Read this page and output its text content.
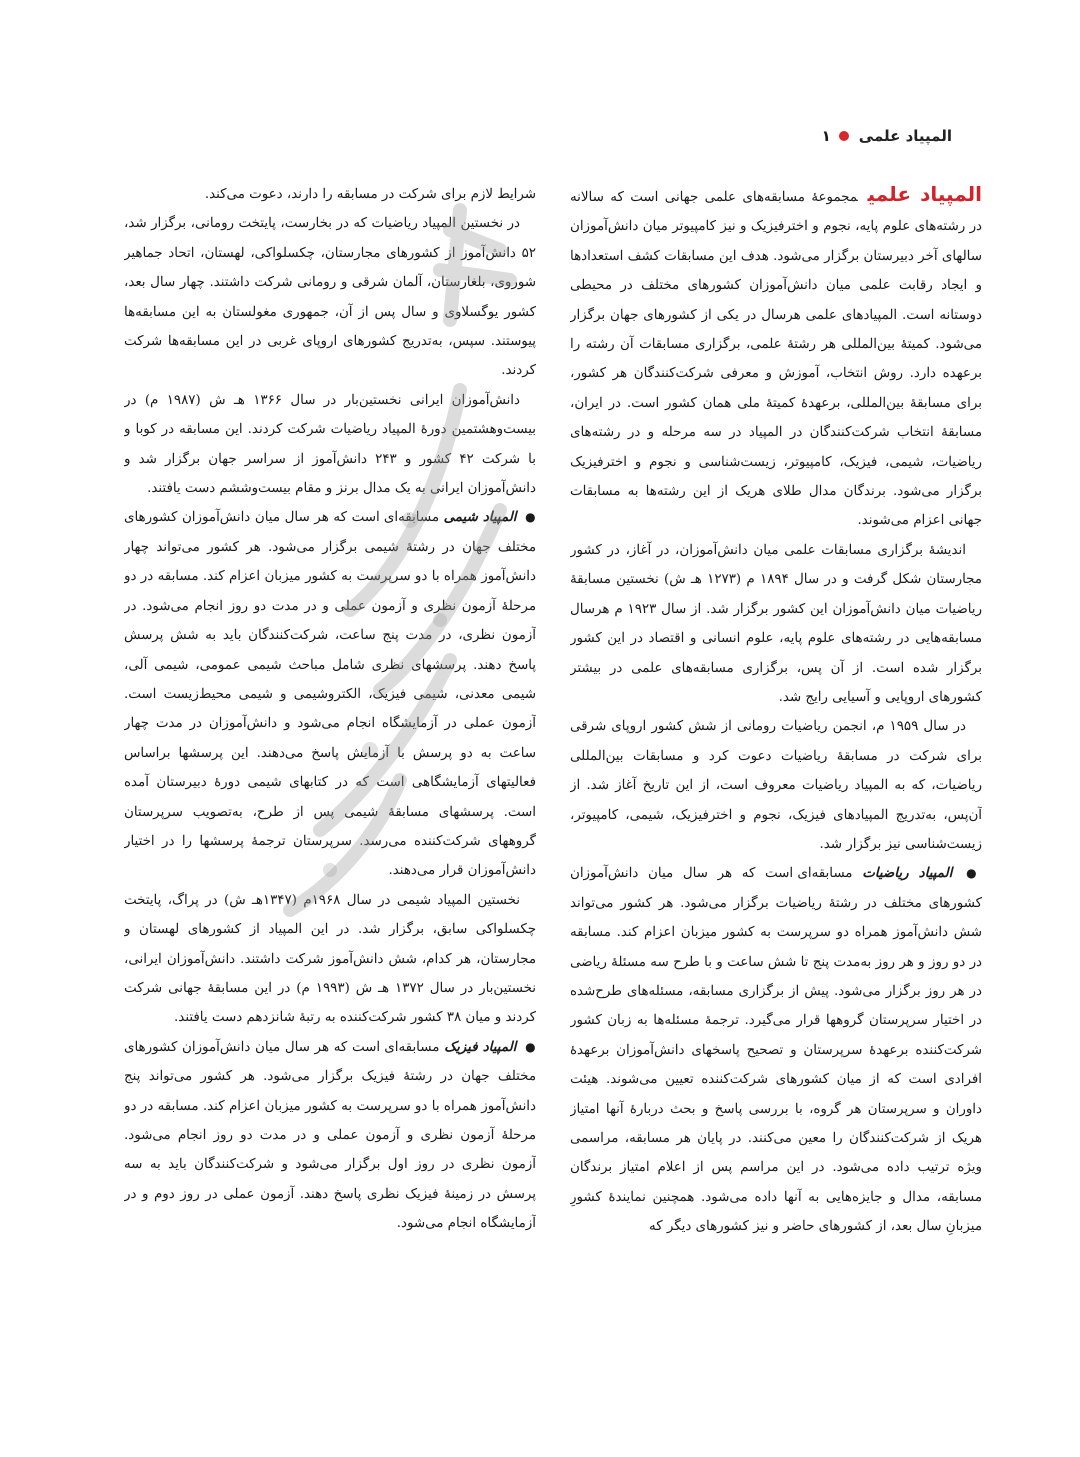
المپیاد علمی
۱

المپیاد علمیمجموعهٔ مسابقه‌های علمی جهانی است که سالانه در رشته‌های علوم پایه، نجوم و اخترفیزیک و نیز کامپیوتر میان دانش‌آموزان سالهای آخر دبیرستان برگزار می‌شود. هدف این مسابقات کشف استعدادها و ایجاد رقابت علمی میان دانش‌آموزان کشورهای مختلف در محیطی دوستانه است. المپیادهای علمی هرسال در یکی از کشورهای جهان برگزار می‌شود. کمیتهٔ بین‌المللی هر رشتهٔ علمی، برگزاری مسابقات آن رشته را برعهده دارد. روش انتخاب، آموزش و معرفی شرکت‌کنندگان هر کشور، برای مسابقهٔ بین‌المللی، برعهدهٔ کمیتهٔ ملی همان کشور است. در ایران، مسابقهٔ انتخاب شرکت‌کنندگان در المپیاد در سه مرحله و در رشته‌های ریاضیات، شیمی، فیزیک، کامپیوتر، زیست‌شناسی و نجوم و اخترفیزیک برگزار می‌شود. برندگان مدال طلای هریک از این رشته‌ها به مسابقات جهانی اعزام می‌شوند.

اندیشهٔ برگزاری مسابقات علمی میان دانش‌آموزان، در آغاز، در کشور مجارستان شکل گرفت و در سال ۱۸۹۴ م (۱۲۷۳ هـ ش) نخستین مسابقهٔ ریاضیات میان دانش‌آموزان این کشور برگزار شد. از سال ۱۹۲۳ م هرسال مسابقه‌هایی در رشته‌های علوم پایه، علوم انسانی و اقتصاد در این کشور برگزار شده است. از آن پس، برگزاری مسابقه‌های علمی در بیشتر کشورهای اروپایی و آسیایی رایج شد.

در سال ۱۹۵۹ م، انجمن ریاضیات رومانی از شش کشور اروپای شرقی برای شرکت در مسابقهٔ ریاضیات دعوت کرد و مسابقات بین‌المللی ریاضیات، که به المپیاد ریاضیات معروف است، از این تاریخ آغاز شد. از آن‌پس، به‌تدریج المپیادهای فیزیک، نجوم و اخترفیزیک، شیمی، کامپیوتر، زیست‌شناسی نیز برگزار شد.

● المپیاد ریاضیات مسابقه‌ای است که هر سال میان دانش‌آموزان کشورهای مختلف در رشتهٔ ریاضیات برگزار می‌شود. هر کشور می‌تواند شش دانش‌آموز همراه دو سرپرست به کشور میزبان اعزام کند. مسابقه در دو روز و هر روز به‌مدت پنج تا شش ساعت و با طرح سه مسئلهٔ ریاضی در هر روز برگزار می‌شود. پیش از برگزاری مسابقه، مسئله‌های طرح‌شده در اختیار سرپرستان گروهها قرار می‌گیرد. ترجمهٔ مسئله‌ها به زبان کشور شرکت‌کننده برعهدهٔ سرپرستان و تصحیح پاسخهای دانش‌آموزان برعهدهٔ افرادی است که از میان کشورهای شرکت‌کننده تعیین می‌شوند. هیئت داوران و سرپرستان هر گروه، با بررسی پاسخ و بحث دربارهٔ آنها امتیاز هریک از شرکت‌کنندگان را معین می‌کنند. در پایان هر مسابقه، مراسمی ویژه ترتیب داده می‌شود. در این مراسم پس از اعلام امتیاز برندگان مسابقه، مدال و جایزه‌هایی به آنها داده می‌شود. همچنین نمایندهٔ کشورِ میزبانِ سال بعد، از کشورهای حاضر و نیز کشورهای دیگر که

شرایط لازم برای شرکت در مسابقه را دارند، دعوت می‌کند.

در نخستین المپیاد ریاضیات که در بخارست، پایتخت رومانی، برگزار شد، ۵۲ دانش‌آموز از کشورهای مجارستان، چکسلواکی، لهستان، اتحاد جماهیر شوروی، بلغارستان، آلمان شرقی و رومانی شرکت داشتند. چهار سال بعد، کشور یوگسلاوی و سال پس از آن، جمهوری مغولستان به این مسابقه‌ها پیوستند. سپس، به‌تدریج کشورهای اروپای غربی در این مسابقه‌ها شرکت کردند.

دانش‌آموزان ایرانی نخستین‌بار در سال ۱۳۶۶ هـ ش (۱۹۸۷ م) در بیست‌وهشتمین دورهٔ المپیاد ریاضیات شرکت کردند. این مسابقه در کوبا و با شرکت ۴۲ کشور و ۲۴۳ دانش‌آموز از سراسر جهان برگزار شد و دانش‌آموزان ایرانی به یک مدال برنز و مقام بیست‌وششم دست یافتند.

● المپیاد شیمی مسابقه‌ای است که هر سال میان دانش‌آموزان کشورهای مختلف جهان در رشتهٔ شیمی برگزار می‌شود. هر کشور می‌تواند چهار دانش‌آموز همراه با دو سرپرست به کشور میزبان اعزام کند. مسابقه در دو مرحلهٔ آزمون نظری و آزمون عملی و در مدت دو روز انجام می‌شود. در آزمون نظری، در مدت پنج ساعت، شرکت‌کنندگان باید به شش پرسش پاسخ دهند. پرسشهای نظری شامل مباحث شیمی عمومی، شیمی آلی، شیمی معدنی، شیمی فیزیک، الکتروشیمی و شیمی محیط‌زیست است. آزمون عملی در آزمایشگاه انجام می‌شود و دانش‌آموزان در مدت چهار ساعت به دو پرسش با آزمایش پاسخ می‌دهند. این پرسشها براساس فعالیتهای آزمایشگاهی است که در کتابهای شیمی دورهٔ دبیرستان آمده است. پرسشهای مسابقهٔ شیمی پس از طرح، به‌تصویب سرپرستان گروههای شرکت‌کننده می‌رسد. سرپرستان ترجمهٔ پرسشها را در اختیار دانش‌آموزان قرار می‌دهند.

نخستین المپیاد شیمی در سال ۱۹۶۸م (۱۳۴۷هـ ش) در پراگ، پایتخت چکسلواکی سابق، برگزار شد. در این المپیاد از کشورهای لهستان و مجارستان، هر کدام، شش دانش‌آموز شرکت داشتند. دانش‌آموزان ایرانی، نخستین‌بار در سال ۱۳۷۲ هـ ش (۱۹۹۳ م) در این مسابقهٔ جهانی شرکت کردند و میان ۳۸ کشور شرکت‌کننده به رتبهٔ شانزدهم دست یافتند.

● المپیاد فیزیک مسابقه‌ای است که هر سال میان دانش‌آموزان کشورهای مختلف جهان در رشتهٔ فیزیک برگزار می‌شود. هر کشور می‌تواند پنج دانش‌آموز همراه با دو سرپرست به کشور میزبان اعزام کند. مسابقه در دو مرحلهٔ آزمون نظری و آزمون عملی و در مدت دو روز انجام می‌شود. آزمون نظری در روز اول برگزار می‌شود و شرکت‌کنندگان باید به سه پرسش در زمینهٔ فیزیک نظری پاسخ دهند. آزمون عملی در روز دوم و در آزمایشگاه انجام می‌شود.
